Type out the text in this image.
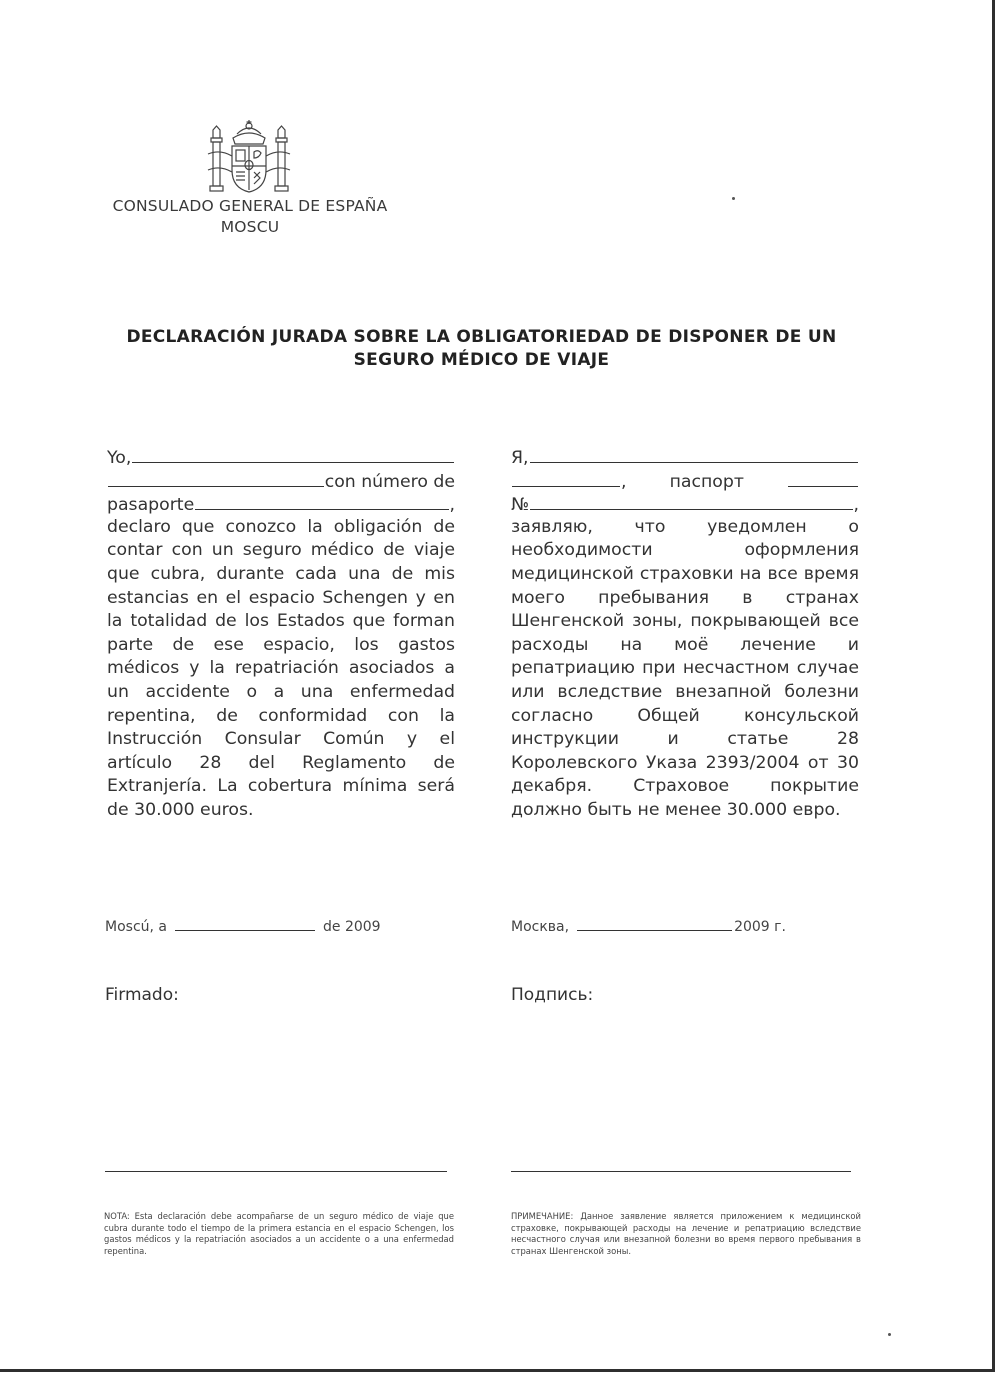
CONSULADO GENERAL DE ESPAÑA
MOSCU
DECLARACIÓN JURADA SOBRE LA OBLIGATORIEDAD DE DISPONER DE UN
SEGURO MÉDICO DE VIAJE
Yo,
con número de
pasaporte	,
declaro que conozco la obligación de contar con un seguro médico de viaje que cubra, durante cada una de mis estancias en el espacio Schengen y en la totalidad de los Estados que forman parte de ese espacio, los gastos médicos y la repatriación asociados a un accidente o a una enfermedad repentina, de conformidad con la Instrucción Consular Común y el artículo 28 del Reglamento de Extranjería. La cobertura mínima será de 30.000 euros.
Я,
, паспорт
№	,
заявляю, что уведомлен о необходимости оформления медицинской страховки на все время моего пребывания в странах Шенгенской зоны, покрывающей все расходы на моё лечение и репатриацию при несчастном случае или вследствие внезапной болезни согласно Общей консульской инструкции и статье 28 Королевского Указа 2393/2004 от 30 декабря. Страховое покрытие должно быть не менее 30.000 евро.
Moscú, a	de 2009	Москва,	2009 г.
Firmado:	Подпись:
NOTA: Esta declaración debe acompañarse de un seguro médico de viaje que cubra durante todo el tiempo de la primera estancia en el espacio Schengen, los gastos médicos y la repatriación asociados a un accidente o a una enfermedad repentina.
ПРИМЕЧАНИЕ: Данное заявление является приложением к медицинской страховке, покрывающей расходы на лечение и репатриацию вследствие несчастного случая или внезапной болезни во время первого пребывания в странах Шенгенской зоны.
